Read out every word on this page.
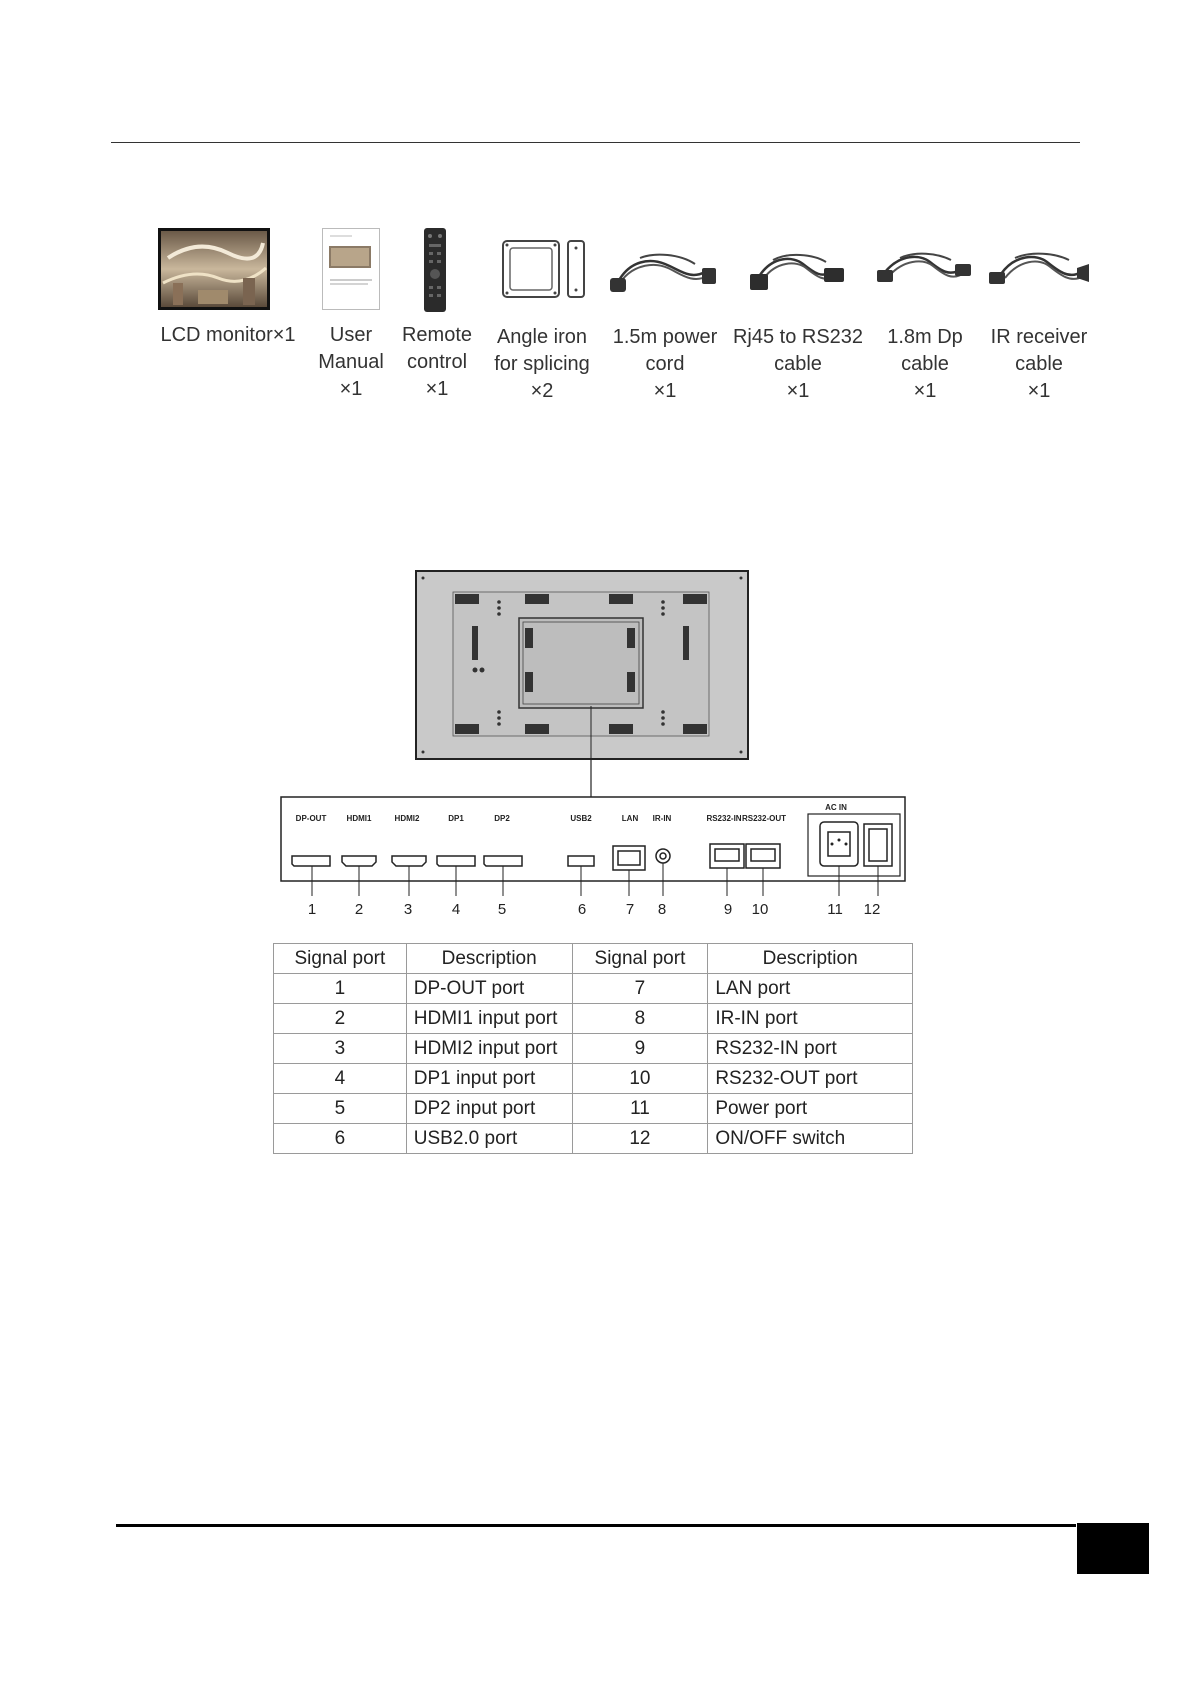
LCD monitor×1	User
Manual
×1
Remote
control
×1
Angle iron
for splicing
×2
1.5m power
cord
×1
Rj45 to RS232
cable
×1
1.8m Dp
cable
×1
IR receiver
cable
×1
DP-OUT	HDMI1	HDMI2	DP1	DP2	USB2	LAN IR-IN	RS232-IN RS232-OUT
AC IN
1	2	3	4	5	6	7 8	9 10	11 12
Signal port	Description	Signal port	Description
1	DP-OUT port	7	LAN port
2	HDMI1 input port	8	IR-IN port
3	HDMI2 input port	9	RS232-IN port
4	DP1 input port	10	RS232-OUT port
5	DP2 input port	11	Power port
6	USB2.0 port	12	ON/OFF switch
